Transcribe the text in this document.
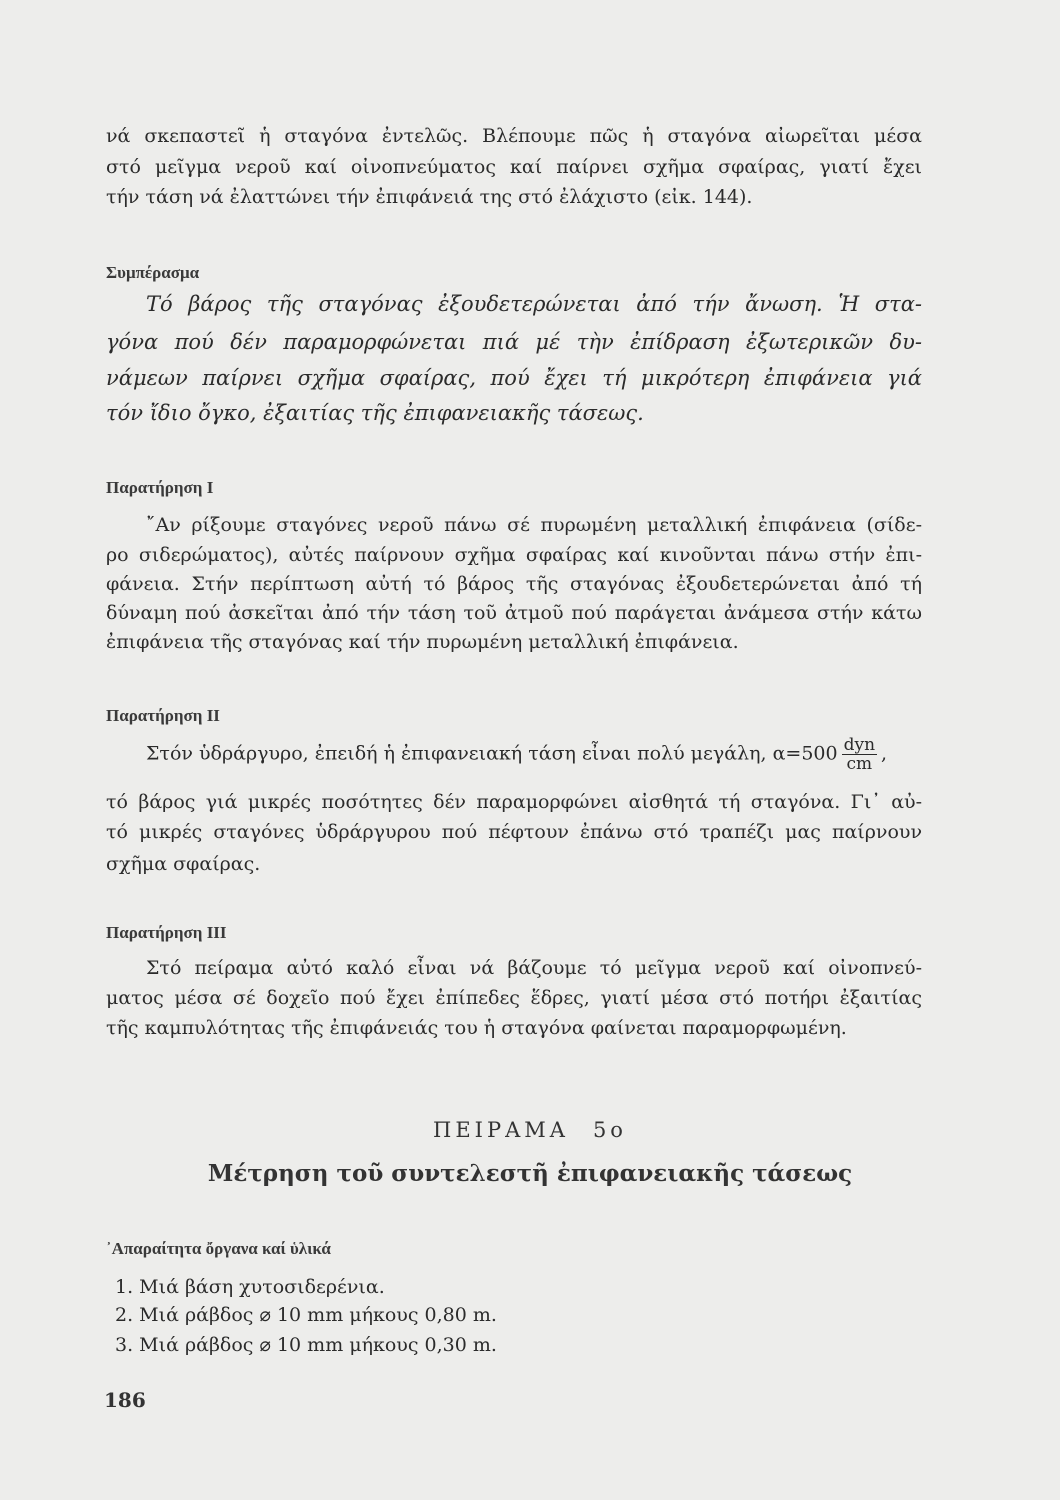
νά σκεπαστεῖ ἡ σταγόνα ἐντελῶς. Βλέπουμε πῶς ἡ σταγόνα αἰωρεῖται μέσα
στό μεῖγμα νεροῦ καί οἰνοπνεύματος καί παίρνει σχῆμα σφαίρας, γιατί ἔχει
τήν τάση νά ἐλαττώνει τήν ἐπιφάνειά της στό ἐλάχιστο (εἰκ. 144).
Συμπέρασμα
Τό βάρος τῆς σταγόνας ἐξουδετερώνεται ἀπό τήν ἄνωση. Ἡ στα-
γόνα πού δέν παραμορφώνεται πιά μέ τὴν ἐπίδραση ἐξωτερικῶν δυ-
νάμεων παίρνει σχῆμα σφαίρας, πού ἔχει τή μικρότερη ἐπιφάνεια γιά
τόν ἴδιο ὄγκο, ἐξαιτίας τῆς ἐπιφανειακῆς τάσεως.
Παρατήρηση I
῎Αν ρίξουμε σταγόνες νεροῦ πάνω σέ πυρωμένη μεταλλική ἐπιφάνεια (σίδε-
ρο σιδερώματος), αὐτές παίρνουν σχῆμα σφαίρας καί κινοῦνται πάνω στήν ἐπι-
φάνεια. Στήν περίπτωση αὐτή τό βάρος τῆς σταγόνας ἐξουδετερώνεται ἀπό τή
δύναμη πού ἀσκεῖται ἀπό τήν τάση τοῦ ἀτμοῦ πού παράγεται ἀνάμεσα στήν κάτω
ἐπιφάνεια τῆς σταγόνας καί τήν πυρωμένη μεταλλική ἐπιφάνεια.
Παρατήρηση II
Στόν ὑδράργυρο, ἐπειδή ἡ ἐπιφανειακή τάση εἶναι πολύ μεγάλη, $\alpha=500 \frac{\text{dyn}}{cm}$ ,
τό βάρος γιά μικρές ποσότητες δέν παραμορφώνει αἰσθητά τή σταγόνα. Γι᾿ αὐ-
τό μικρές σταγόνες ὑδράργυρου πού πέφτουν ἐπάνω στό τραπέζι μας παίρνουν
σχῆμα σφαίρας.
Παρατήρηση III
Στό πείραμα αὐτό καλό εἶναι νά βάζουμε τό μεῖγμα νεροῦ καί οἰνοπνεύ-
ματος μέσα σέ δοχεῖο πού ἔχει ἐπίπεδες ἕδρες, γιατί μέσα στό ποτήρι ἐξαιτίας
τῆς καμπυλότητας τῆς ἐπιφάνειάς του ἡ σταγόνα φαίνεται παραμορφωμένη.
ΠΕΙΡΑΜΑ 5ο
Μέτρηση τοῦ συντελεστῆ ἐπιφανειακῆς τάσεως
᾿Απαραίτητα ὄργανα καί ὑλικά
1. Μιά βάση χυτοσιδερένια.
2. Μιά ράβδος ⌀ 10 mm μήκους 0,80 m.
3. Μιά ράβδος ⌀ 10 mm μήκους 0,30 m.
186
